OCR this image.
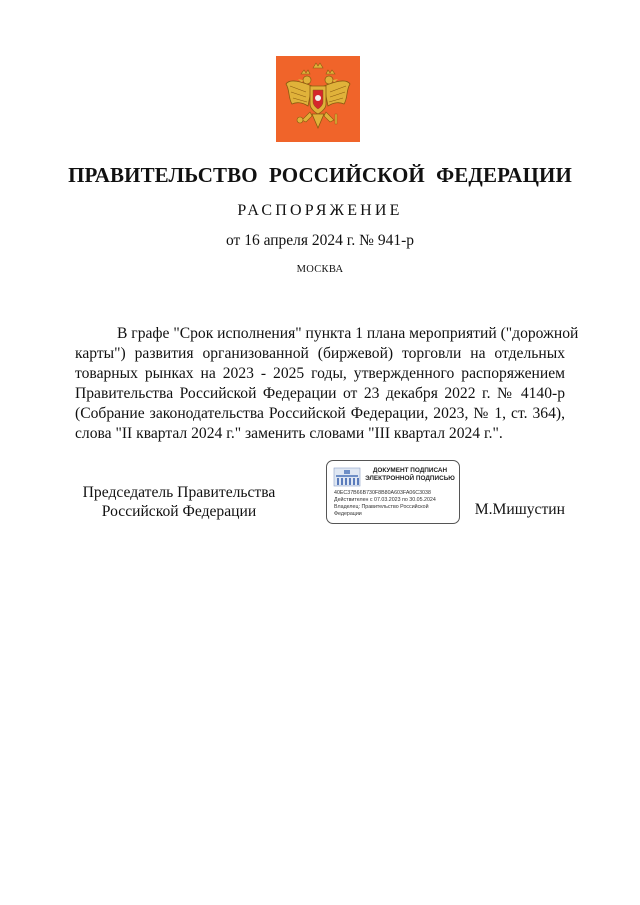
ПРАВИТЕЛЬСТВО РОССИЙСКОЙ ФЕДЕРАЦИИ
РАСПОРЯЖЕНИЕ
от 16 апреля 2024 г. № 941-р
МОСКВА
В графе "Срок исполнения" пункта 1 плана мероприятий ("дорожной
карты") развития организованной (биржевой) торговли на отдельных
товарных рынках на 2023 - 2025 годы, утвержденного распоряжением
Правительства Российской Федерации от 23 декабря 2022 г. № 4140-р
(Собрание законодательства Российской Федерации, 2023, № 1, ст. 364),
слова "II квартал 2024 г." заменить словами "III квартал 2024 г.".
Председатель Правительства
Российской Федерации
ДОКУМЕНТ ПОДПИСАН
ЭЛЕКТРОННОЙ ПОДПИСЬЮ
40EC37B66B730F8B80A603FA06C3038
Действителен с 07.03.2023 по 30.05.2024
Владелец: Правительство Российской
Федерации	М.Мишустин
